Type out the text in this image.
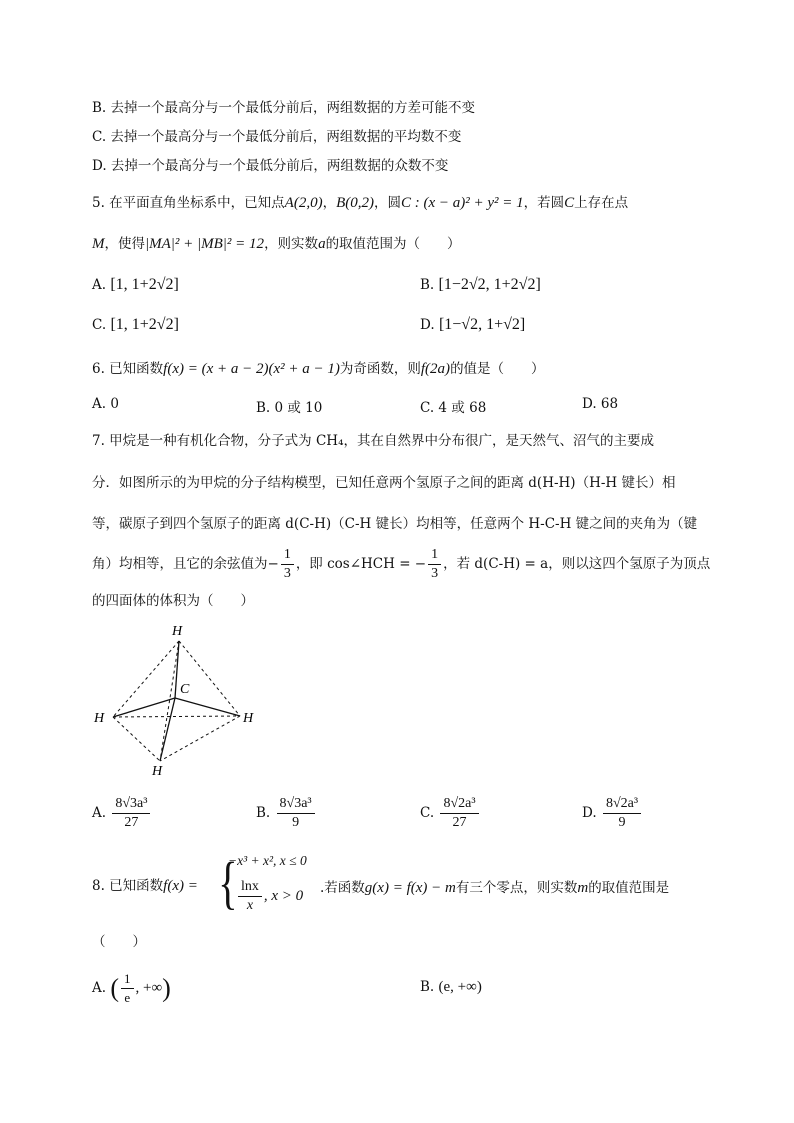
B. 去掉一个最高分与一个最低分前后，两组数据的方差可能不变
C. 去掉一个最高分与一个最低分前后，两组数据的平均数不变
D. 去掉一个最高分与一个最低分前后，两组数据的众数不变
5. 在平面直角坐标系中，已知点A(2,0)，B(0,2)，圆C : (x − a)² + y² = 1，若圆C上存在点
M，使得|MA|² + |MB|² = 12，则实数a的取值范围为（　　）
A. [1, 1+2√2]	B. [1−2√2, 1+2√2]
C. [1, 1+2√2]	D. [1−√2, 1+√2]
6. 已知函数f(x) = (x + a − 2)(x² + a − 1)为奇函数，则f(2a)的值是（　　）
A. 0	B. 0 或 10	C. 4 或 68	D. 68
7. 甲烷是一种有机化合物，分子式为 CH₄，其在自然界中分布很广，是天然气、沼气的主要成
分．如图所示的为甲烷的分子结构模型，已知任意两个氢原子之间的距离 d(H-H)（H-H 键长）相
等，碳原子到四个氢原子的距离 d(C-H)（C-H 键长）均相等，任意两个 H-C-H 键之间的夹角为（键
角）均相等，且它的余弦值为− $\frac{1}{3}$ ，即 cos∠HCH = − $\frac{1}{3}$ ，若 d(C-H) = a，则以这四个氢原子为顶点
的四面体的体积为（　　）
H
C
H	H
H
A. $\frac{\text{8√3a³}}{27}$	B. $\frac{\text{8√3a³}}{9}$	C. $\frac{\text{8√2a³}}{27}$	D. $\frac{\text{8√2a³}}{9}$
8. 已知函数f(x) = {
−x³ + x², x ≤ 0
$\frac{\ln x}{x}$ , x > 0 .若函数g(x) = f(x) − m有三个零点，则实数m的取值范围是
（　　）
A. ( $\frac{1}{e}$ , +∞)	B. (e, +∞)
